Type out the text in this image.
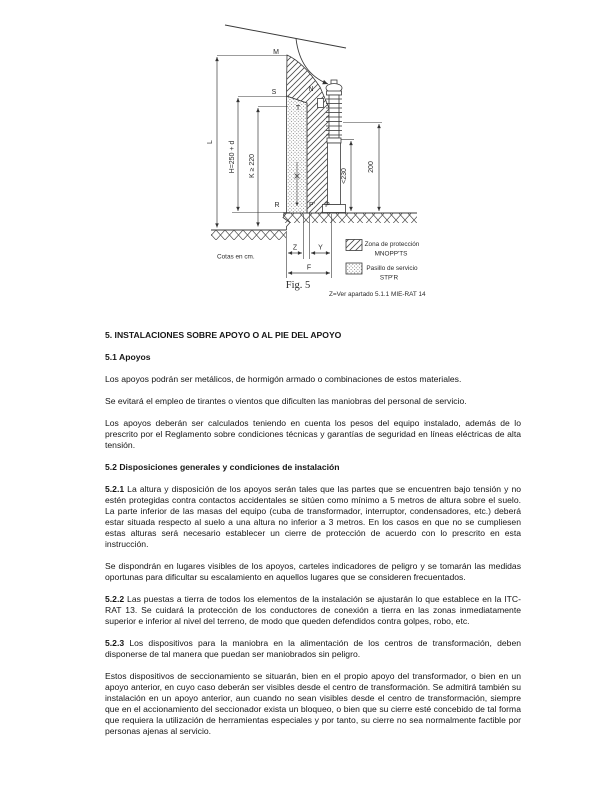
L H=250 + d K ≥ 220	<230
200
Z	Y
F
M
S	N
T
R	P' P
Zona de protección
MNOPP'TS
Pasillo de servicio
STP'R
Cotas en cm.
Fig. 5
Z=Ver apartado 5.1.1 MIE-RAT 14

5. INSTALACIONES SOBRE APOYO O AL PIE DEL APOYO

5.1 Apoyos

Los apoyos podrán ser metálicos, de hormigón armado o combinaciones de estos materiales.

Se evitará el empleo de tirantes o vientos que dificulten las maniobras del personal de servicio.

Los apoyos deberán ser calculados teniendo en cuenta los pesos del equipo instalado, además de lo prescrito por el Reglamento sobre condiciones técnicas y garantías de seguridad en líneas eléctricas de alta tensión.

5.2 Disposiciones generales y condiciones de instalación

5.2.1 La altura y disposición de los apoyos serán tales que las partes que se encuentren bajo tensión y no estén protegidas contra contactos accidentales se sitúen como mínimo a 5 metros de altura sobre el suelo. La parte inferior de las masas del equipo (cuba de transformador, interruptor, condensadores, etc.) deberá estar situada respecto al suelo a una altura no inferior a 3 metros. En los casos en que no se cumpliesen estas alturas será necesario establecer un cierre de protección de acuerdo con lo prescrito en esta instrucción.

Se dispondrán en lugares visibles de los apoyos, carteles indicadores de peligro y se tomarán las medidas oportunas para dificultar su escalamiento en aquellos lugares que se consideren frecuentados.

5.2.2 Las puestas a tierra de todos los elementos de la instalación se ajustarán lo que establece en la ITC-RAT 13. Se cuidará la protección de los conductores de conexión a tierra en las zonas inmediatamente superior e inferior al nivel del terreno, de modo que queden defendidos contra golpes, robo, etc.

5.2.3 Los dispositivos para la maniobra en la alimentación de los centros de transformación, deben disponerse de tal manera que puedan ser maniobrados sin peligro.

Estos dispositivos de seccionamiento se situarán, bien en el propio apoyo del transformador, o bien en un apoyo anterior, en cuyo caso deberán ser visibles desde el centro de transformación. Se admitirá también su instalación en un apoyo anterior, aun cuando no sean visibles desde el centro de transformación, siempre que en el accionamiento del seccionador exista un bloqueo, o bien que su cierre esté concebido de tal forma que requiera la utilización de herramientas especiales y por tanto, su cierre no sea normalmente factible por personas ajenas al servicio.
